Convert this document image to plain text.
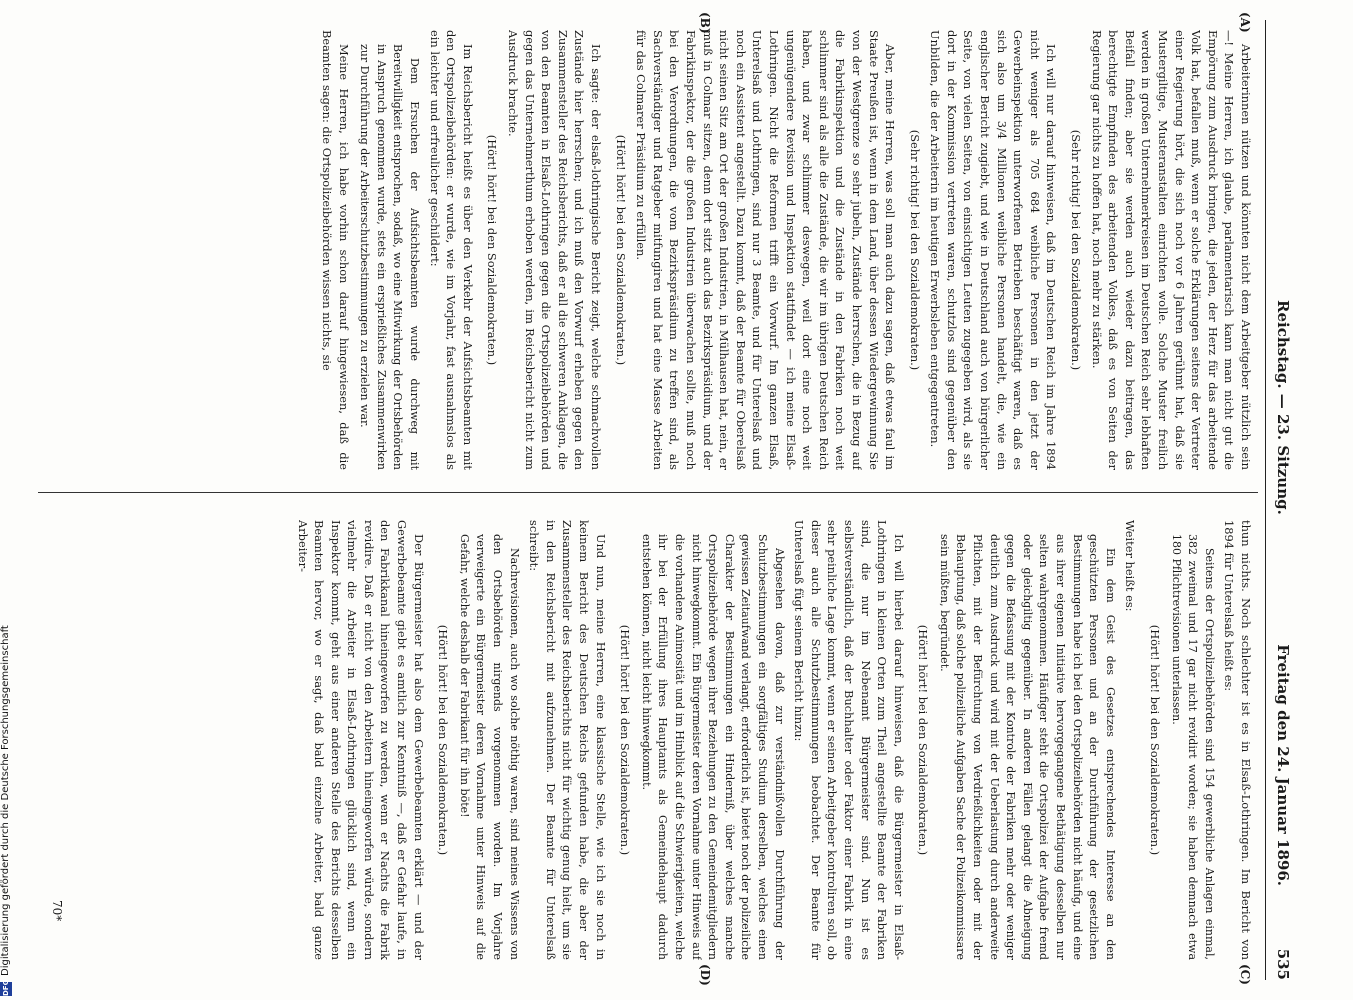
Reichstag. — 23. Sitzung.
Freitag den 24. Januar 1896.            535
(A)
(B)
(C)
(D)

Arbeiterinnen nützen und könnten nicht dem Arbeitgeber nützlich sein —! Meine Herren, ich glaube, parlamentarisch kann man nicht gut die Empörung zum Ausdruck bringen, die jeden, der Herz für das arbeitende Volk hat, befallen muß, wenn er solche Erklärungen seitens der Vertreter einer Regierung hört, die sich noch vor 6 Jahren gerühmt hat, daß sie Mustergiltige, Musteranstalten einrichten wolle. Solche Muster freilich werden in großen Unternehmerkreisen im Deutschen Reich sehr lebhaften Beifall finden; aber sie werden auch wieder dazu beitragen, das berechtigte Empfinden des arbeitenden Volkes, daß es von Seiten der Regierung gar nichts zu hoffen hat, noch mehr zu stärken.

(Sehr richtig! bei den Sozialdemokraten.)

Ich will nur darauf hinweisen, daß im Deutschen Reich im Jahre 1894 nicht weniger als 705 684 weibliche Personen in den jetzt der Gewerbeinspektion unterworfenen Betrieben beschäftigt waren, daß es sich also um 3/4 Millionen weibliche Personen handelt, die, wie ein englischer Bericht zugiebt, und wie in Deutschland auch von bürgerlicher Seite, von vielen Seiten, von einsichtigen Leuten zugegeben wird, als sie dort in der Kommission vertreten waren, schutzlos sind gegenüber den Unbilden, die der Arbeiterin im heutigen Erwerbsleben entgegentreten.

(Sehr richtig! bei den Sozialdemokraten.)

Aber, meine Herren, was soll man auch dazu sagen, daß etwas faul im Staate Preußen ist, wenn in dem Land, über dessen Wiedergewinnung Sie von der Westgrenze so sehr jubeln, Zustände herrschen, die in Bezug auf die Fabrikinspektion und die Zustände in den Fabriken noch weit schlimmer sind als alle die Zustände, die wir im übrigen Deutschen Reich haben, und zwar schlimmer deswegen, weil dort eine noch weit ungenügendere Revision und Inspektion stattfindet — ich meine Elsaß-Lothringen. Nicht die Reformen trifft ein Vorwurf. Im ganzen Elsaß, Unterelsaß und Lothringen, sind nur 3 Beamte, und für Unterelsaß und noch ein Assistent angestellt. Dazu kommt, daß der Beamte für Oberelsaß nicht seinen Sitz am Ort der großen Industrien, in Mülhausen hat, nein, er muß in Colmar sitzen, denn dort sitzt auch das Bezirkspräsidium, und der Fabrikinspektor, der die großen Industrien überwachen sollte, muß noch bei den Verordnungen, die vom Bezirkspräsidium zu treffen sind, als Sachverständiger und Ratgeber mitfungiren und hat eine Masse Arbeiten für das Colmarer Präsidium zu erfüllen.

(Hört! hört! bei den Sozialdemokraten.)

Ich sagte: der elsaß-lothringische Bericht zeigt, welche schmachvollen Zustände hier herrschen; und ich muß den Vorwurf erheben gegen den Zusammensteller des Reichsberichts, daß er all die schweren Anklagen, die von den Beamten in Elsaß-Lothringen gegen die Ortspolizeibehörden und gegen das Unternehmerthum erhoben werden, im Reichsbericht nicht zum Ausdruck brachte.

(Hört! hört! bei den Sozialdemokraten.)

Im Reichsbericht heißt es über den Verkehr der Aufsichtsbeamten mit den Ortspolizeibehörden: er wurde, wie im Vorjahr, fast ausnahmslos als ein leichter und erfreulicher geschildert:

Dem Ersuchen der Aufsichtsbeamten wurde durchweg mit Bereitwilligkeit entsprochen, sodaß, wo eine Mitwirkung der Ortsbehörden in Anspruch genommen wurde, stets ein ersprießliches Zusammenwirken zur Durchführung der Arbeiterschutzbestimmungen zu erzielen war.

Meine Herren, ich habe vorhin schon darauf hingewiesen, daß die Beamten sagen: die Ortspolizeibehörden wissen nichts, sie

thun nichts. Noch schlechter ist es in Elsaß-Lothringen. Im Bericht von 1894 für Unterelsaß heißt es:

Seitens der Ortspolizeibehörden sind 154 gewerbliche Anlagen einmal, 382 zweimal und 17 gar nicht revidirt worden; sie haben demnach etwa 180 Pflichtrevisionen unterlassen.

(Hört! hört! bei den Sozialdemokraten.)

Weiter heißt es:

Ein dem Geist des Gesetzes entsprechendes Interesse an den geschützten Personen und an der Durchführung der gesetzlichen Bestimmungen habe ich bei den Ortspolizeibehörden nicht häufig, und eine aus ihrer eigenen Initiative hervorgegangene Bethätigung desselben nur selten wahrgenommen. Häufiger steht die Ortspolizei der Aufgabe fremd oder gleichgiltig gegenüber. In anderen Fällen gelangt die Abneigung gegen die Befassung mit der Kontrole der Fabriken mehr oder weniger deutlich zum Ausdruck und wird mit der Ueberlastung durch anderweite Pflichten, mit der Befürchtung von Verdrießlichkeiten oder mit der Behauptung, daß solche polizeiliche Aufgaben Sache der Polizeikommissare sein müßten, begründet.

(Hört! hört! bei den Sozialdemokraten.)

Ich will hierbei darauf hinweisen, daß die Bürgermeister in Elsaß-Lothringen in kleinen Orten zum Theil angestellte Beamte der Fabriken sind, die nur im Nebenamt Bürgermeister sind. Nun ist es selbstverständlich, daß der Buchhalter oder Faktor einer Fabrik in eine sehr peinliche Lage kommt, wenn er seinen Arbeitgeber kontroliren soll, ob dieser auch alle Schutzbestimmungen beobachtet. Der Beamte für Unterelsaß fügt seinem Bericht hinzu:

Abgesehen davon, daß zur verständnißvollen Durchführung der Schutzbestimmungen ein sorgfältiges Studium derselben, welches einen gewissen Zeitaufwand verlangt, erforderlich ist, bietet noch der polizeiliche Charakter der Bestimmungen ein Hinderniß, über welches manche Ortspolizeibehörde wegen ihrer Beziehungen zu den Gemeindemitgliedern nicht hinwegkommt. Ein Bürgermeister deren Vornahme unter Hinweis auf die vorhandene Animosität und im Hinblick auf die Schwierigkeiten, welche ihr bei der Erfüllung ihres Hauptamts als Gemeindehaupt dadurch entstehen können, nicht leicht hinwegkommt.

(Hört! hört! bei den Sozialdemokraten.)

Und nun, meine Herren, eine klassische Stelle, wie ich sie noch in keinem Bericht des Deutschen Reichs gefunden habe, die aber der Zusammensteller des Reichsberichts nicht für wichtig genug hielt, um sie in den Reichsbericht mit aufzunehmen. Der Beamte für Unterelsaß schreibt:

Nachrevisionen, auch wo solche nöthig waren, sind meines Wissens von den Ortsbehörden nirgends vorgenommen worden. Im Vorjahre verweigerte ein Bürgermeister deren Vornahme unter Hinweis auf die Gefahr, welche deshalb der Fabrikant für ihn böte!

(Hört! hört! bei den Sozialdemokraten.)

Der Bürgermeister hat also dem Gewerbebeamten erklärt — und der Gewerbebeamte giebt es amtlich zur Kenntniß —, daß er Gefahr laufe, in den Fabrikkanal hineingeworfen zu werden, wenn er Nachts die Fabrik revidire. Daß er nicht von den Arbeitern hineingeworfen würde, sondern vielmehr die Arbeiter in Elsaß-Lothringen glücklich sind, wenn ein Inspektor kommt, geht aus einer anderen Stelle des Berichts desselben Beamten hervor, wo er sagt, daß bald einzelne Arbeiter, bald ganze Arbeiter-

70*
DFG
Digitalisierung gefördert durch die Deutsche Forschungsgemeinschaft
